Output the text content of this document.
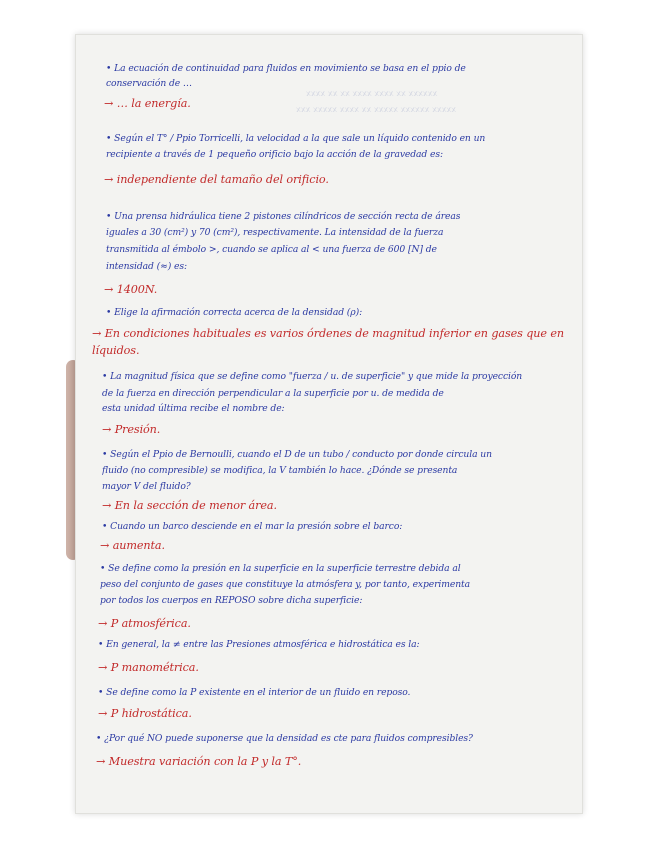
xxxxxx xx xxxx xxxx xx xx xxxx
xxxxx xxxxxx xxxxx xx xxxx xxxxx xxx
• La ecuación de continuidad para fluidos en movimiento se basa en el ppio de
conservación de …
→ … la energía.
• Según el T° / Ppio Torricelli, la velocidad a la que sale un líquido contenido en un
recipiente a través de 1 pequeño orificio bajo la acción de la gravedad es:
→ independiente del tamaño del orificio.
• Una prensa hidráulica tiene 2 pistones cilíndricos de sección recta de áreas
iguales a 30 (cm²) y 70 (cm²), respectivamente. La intensidad de la fuerza
transmitida al émbolo >, cuando se aplica al < una fuerza de 600 [N] de
intensidad (≈) es:
→ 1400N.
• Elige la afirmación correcta acerca de la densidad (ρ):
→ En condiciones habituales es varios órdenes de magnitud inferior en gases que en
líquidos.
• La magnitud física que se define como "fuerza / u. de superficie" y que mide la proyección
de la fuerza en dirección perpendicular a la superficie por u. de medida de
esta unidad última recibe el nombre de:
→ Presión.
• Según el Ppio de Bernoulli, cuando el D de un tubo / conducto por donde circula un
fluido (no compresible) se modifica, la V también lo hace. ¿Dónde se presenta
mayor V del fluido?
→ En la sección de menor área.
• Cuando un barco desciende en el mar la presión sobre el barco:
→ aumenta.
• Se define como la presión en la superficie en la superficie terrestre debida al
peso del conjunto de gases que constituye la atmósfera y, por tanto, experimenta
por todos los cuerpos en REPOSO sobre dicha superficie:
→ P atmosférica.
• En general, la ≠ entre las Presiones atmosférica e hidrostática es la:
→ P manométrica.
• Se define como la P existente en el interior de un fluido en reposo.
→ P hidrostática.
• ¿Por qué NO puede suponerse que la densidad es cte para fluidos compresibles?
→ Muestra variación con la P y la T°.
